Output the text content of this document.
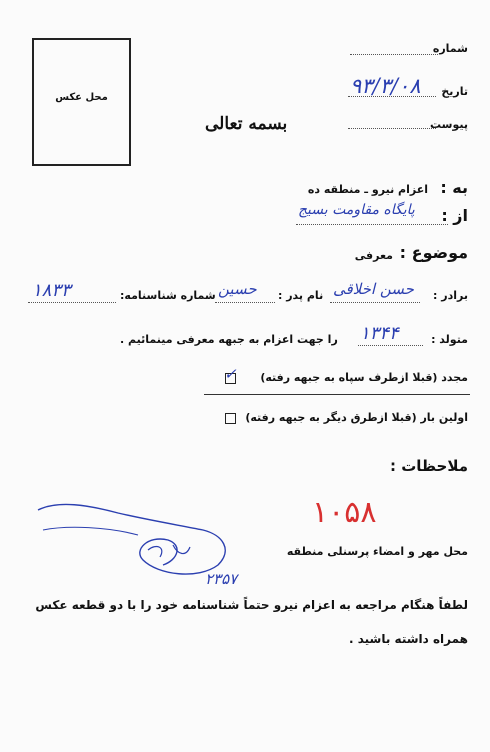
محل عکس
شماره
تاریخ
۹۳/۳/۰۸
پیوست
بسمه تعالی
به :
اعزام نیرو ـ منطقه ده
از :
پایگاه مقاومت بسیج
موضوع :
معرفی
برادر :
حسن اخلاقی
نام پدر :
حسین
شماره شناسنامه:
۱۸۳۳
متولد :
۱۳۴۴
را جهت اعزام به جبهه معرفی مینمائیم .
مجدد (قبلا ازطرف سپاه به جبهه رفته)
✓
اولین بار (قبلا ازطرق دیگر به جبهه رفته)
ملاحظات :
۱۰۵۸
محل مهر و امضاء پرسنلی منطقه
۲۳۵۷
لطفاً هنگام مراجعه به اعزام نیرو حتماً شناسنامه خود را با دو قطعه عکس
همراه داشته باشید .
